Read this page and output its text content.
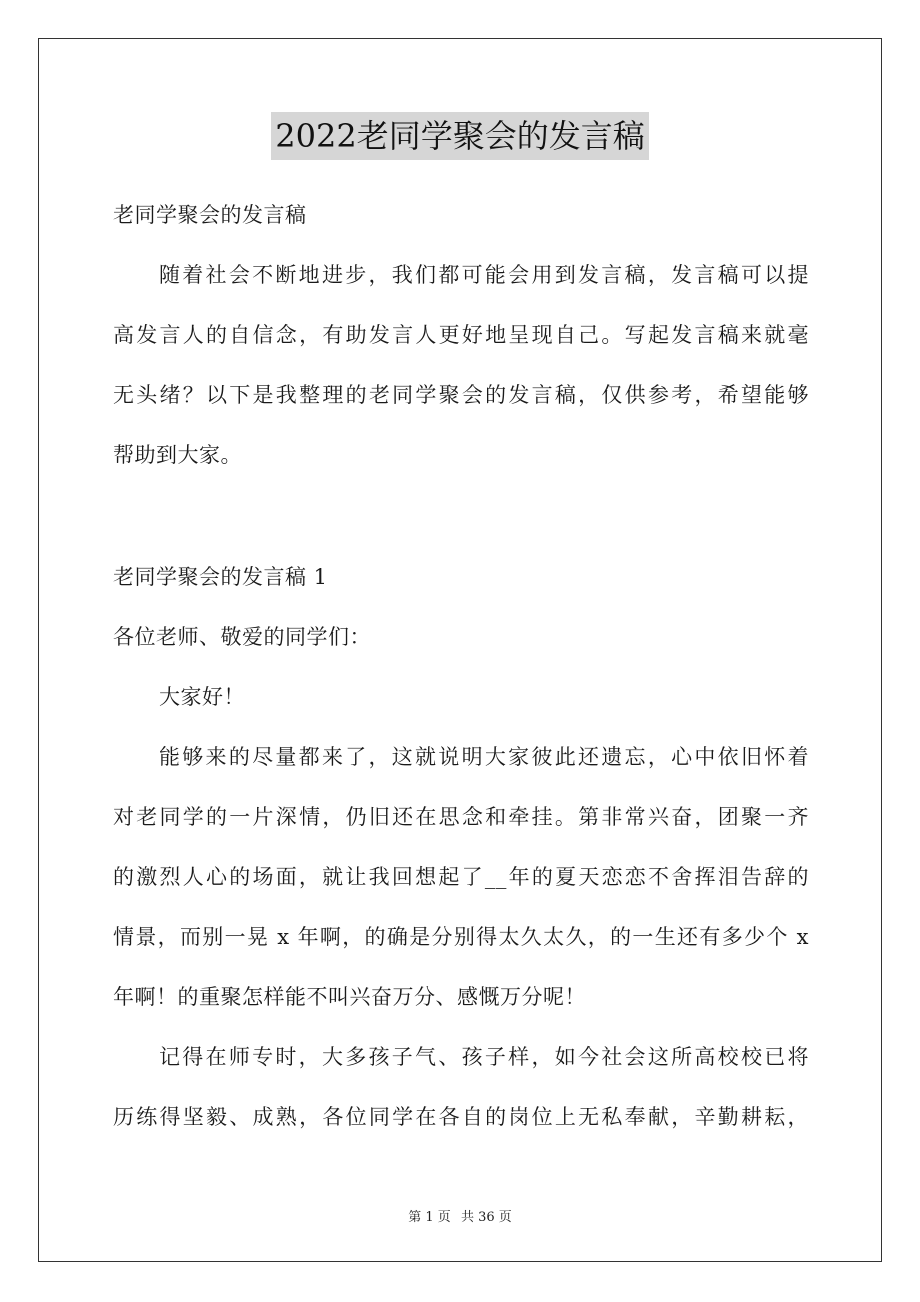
2022老同学聚会的发言稿
老同学聚会的发言稿
随着社会不断地进步，我们都可能会用到发言稿，发言稿可以提
高发言人的自信念，有助发言人更好地呈现自己。写起发言稿来就毫
无头绪？以下是我整理的老同学聚会的发言稿，仅供参考，希望能够
帮助到大家。
老同学聚会的发言稿 1
各位老师、敬爱的同学们：
大家好！
能够来的尽量都来了，这就说明大家彼此还遗忘，心中依旧怀着
对老同学的一片深情，仍旧还在思念和牵挂。第非常兴奋，团聚一齐
的激烈人心的场面，就让我回想起了__年的夏天恋恋不舍挥泪告辞的
情景，而别一晃 x 年啊，的确是分别得太久太久，的一生还有多少个 x
年啊！的重聚怎样能不叫兴奋万分、感慨万分呢！
记得在师专时，大多孩子气、孩子样，如今社会这所高校校已将
历练得坚毅、成熟，各位同学在各自的岗位上无私奉献，辛勤耕耘，
第 1 页 共 36 页
